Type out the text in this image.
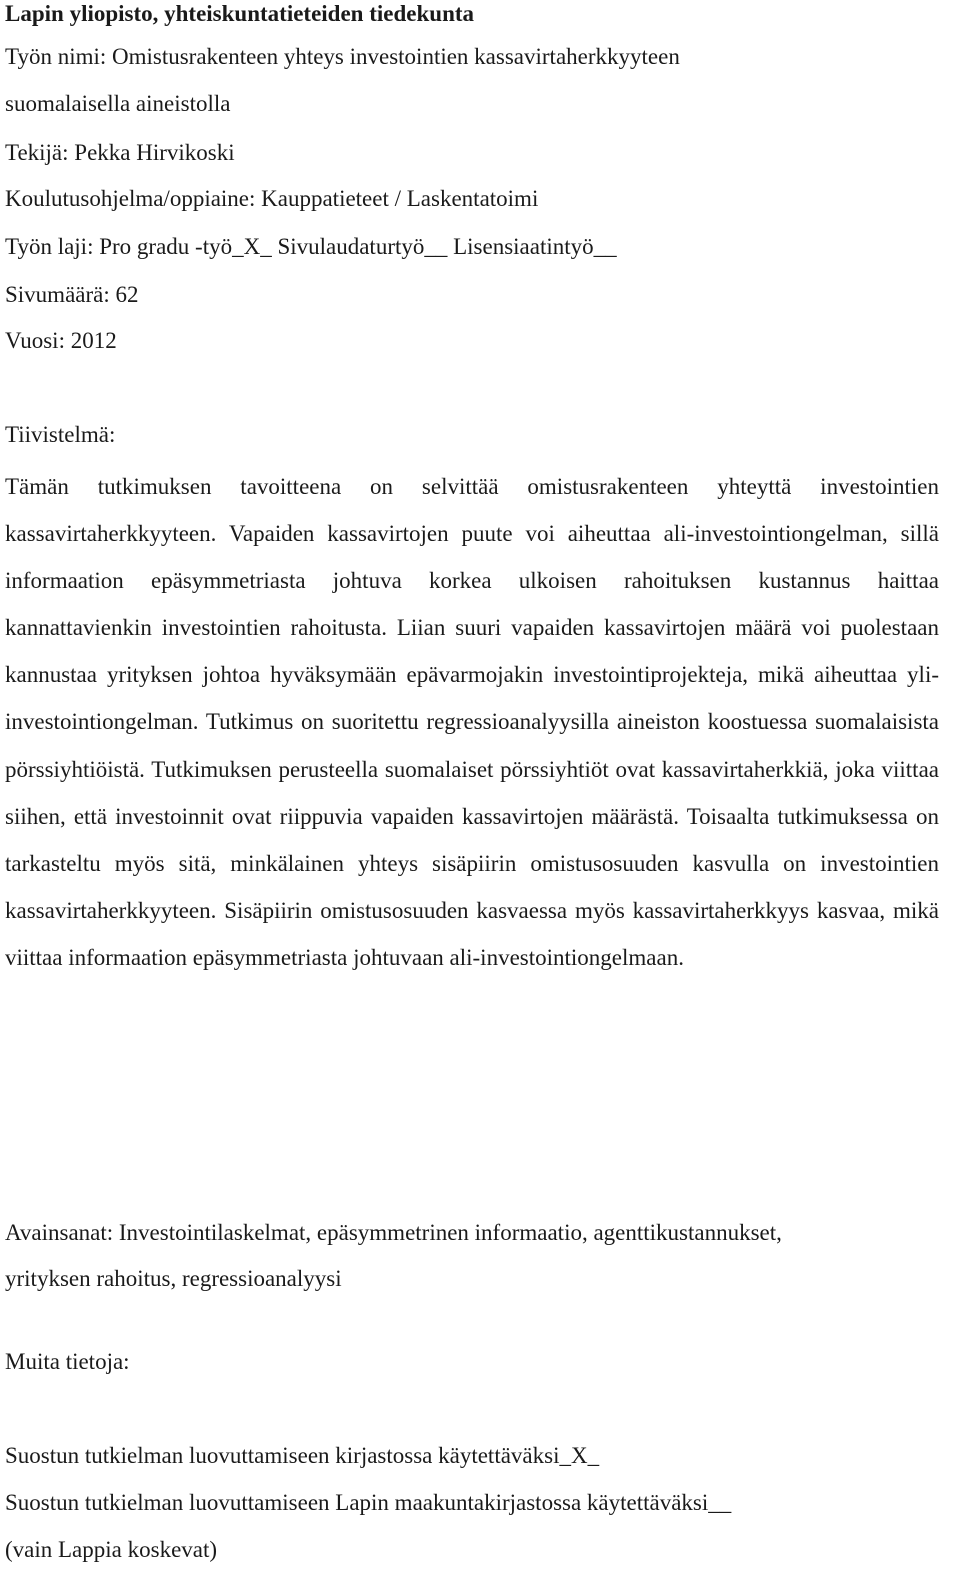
Lapin yliopisto, yhteiskuntatieteiden tiedekunta
Työn nimi: Omistusrakenteen yhteys investointien kassavirtaherkkyyteen
suomalaisella aineistolla
Tekijä: Pekka Hirvikoski
Koulutusohjelma/oppiaine: Kauppatieteet / Laskentatoimi
Työn laji: Pro gradu -työ_X_ Sivulaudaturtyö__ Lisensiaatintyö__
Sivumäärä: 62
Vuosi: 2012
Tiivistelmä:

Tämän tutkimuksen tavoitteena on selvittää omistusrakenteen yhteyttä investointien kassavirtaherkkyyteen. Vapaiden kassavirtojen puute voi aiheuttaa ali-investointiongelman, sillä informaation epäsymmetriasta johtuva korkea ulkoisen rahoituksen kustannus haittaa kannattavienkin investointien rahoitusta. Liian suuri vapaiden kassavirtojen määrä voi puolestaan kannustaa yrityksen johtoa hyväksymään epävarmojakin investointiprojekteja, mikä aiheuttaa yli-investointiongelman. Tutkimus on suoritettu regressioanalyysilla aineiston koostuessa suomalaisista pörssiyhtiöistä. Tutkimuksen perusteella suomalaiset pörssiyhtiöt ovat kassavirtaherkkiä, joka viittaa siihen, että investoinnit ovat riippuvia vapaiden kassavirtojen määrästä. Toisaalta tutkimuksessa on tarkasteltu myös sitä, minkälainen yhteys sisäpiirin omistusosuuden kasvulla on investointien kassavirtaherkkyyteen. Sisäpiirin omistusosuuden kasvaessa myös kassavirtaherkkyys kasvaa, mikä viittaa informaation epäsymmetriasta johtuvaan ali-investointiongelmaan.

Avainsanat: Investointilaskelmat, epäsymmetrinen informaatio, agenttikustannukset,
yrityksen rahoitus, regressioanalyysi
Muita tietoja:
Suostun tutkielman luovuttamiseen kirjastossa käytettäväksi_X_
Suostun tutkielman luovuttamiseen Lapin maakuntakirjastossa käytettäväksi__
(vain Lappia koskevat)
